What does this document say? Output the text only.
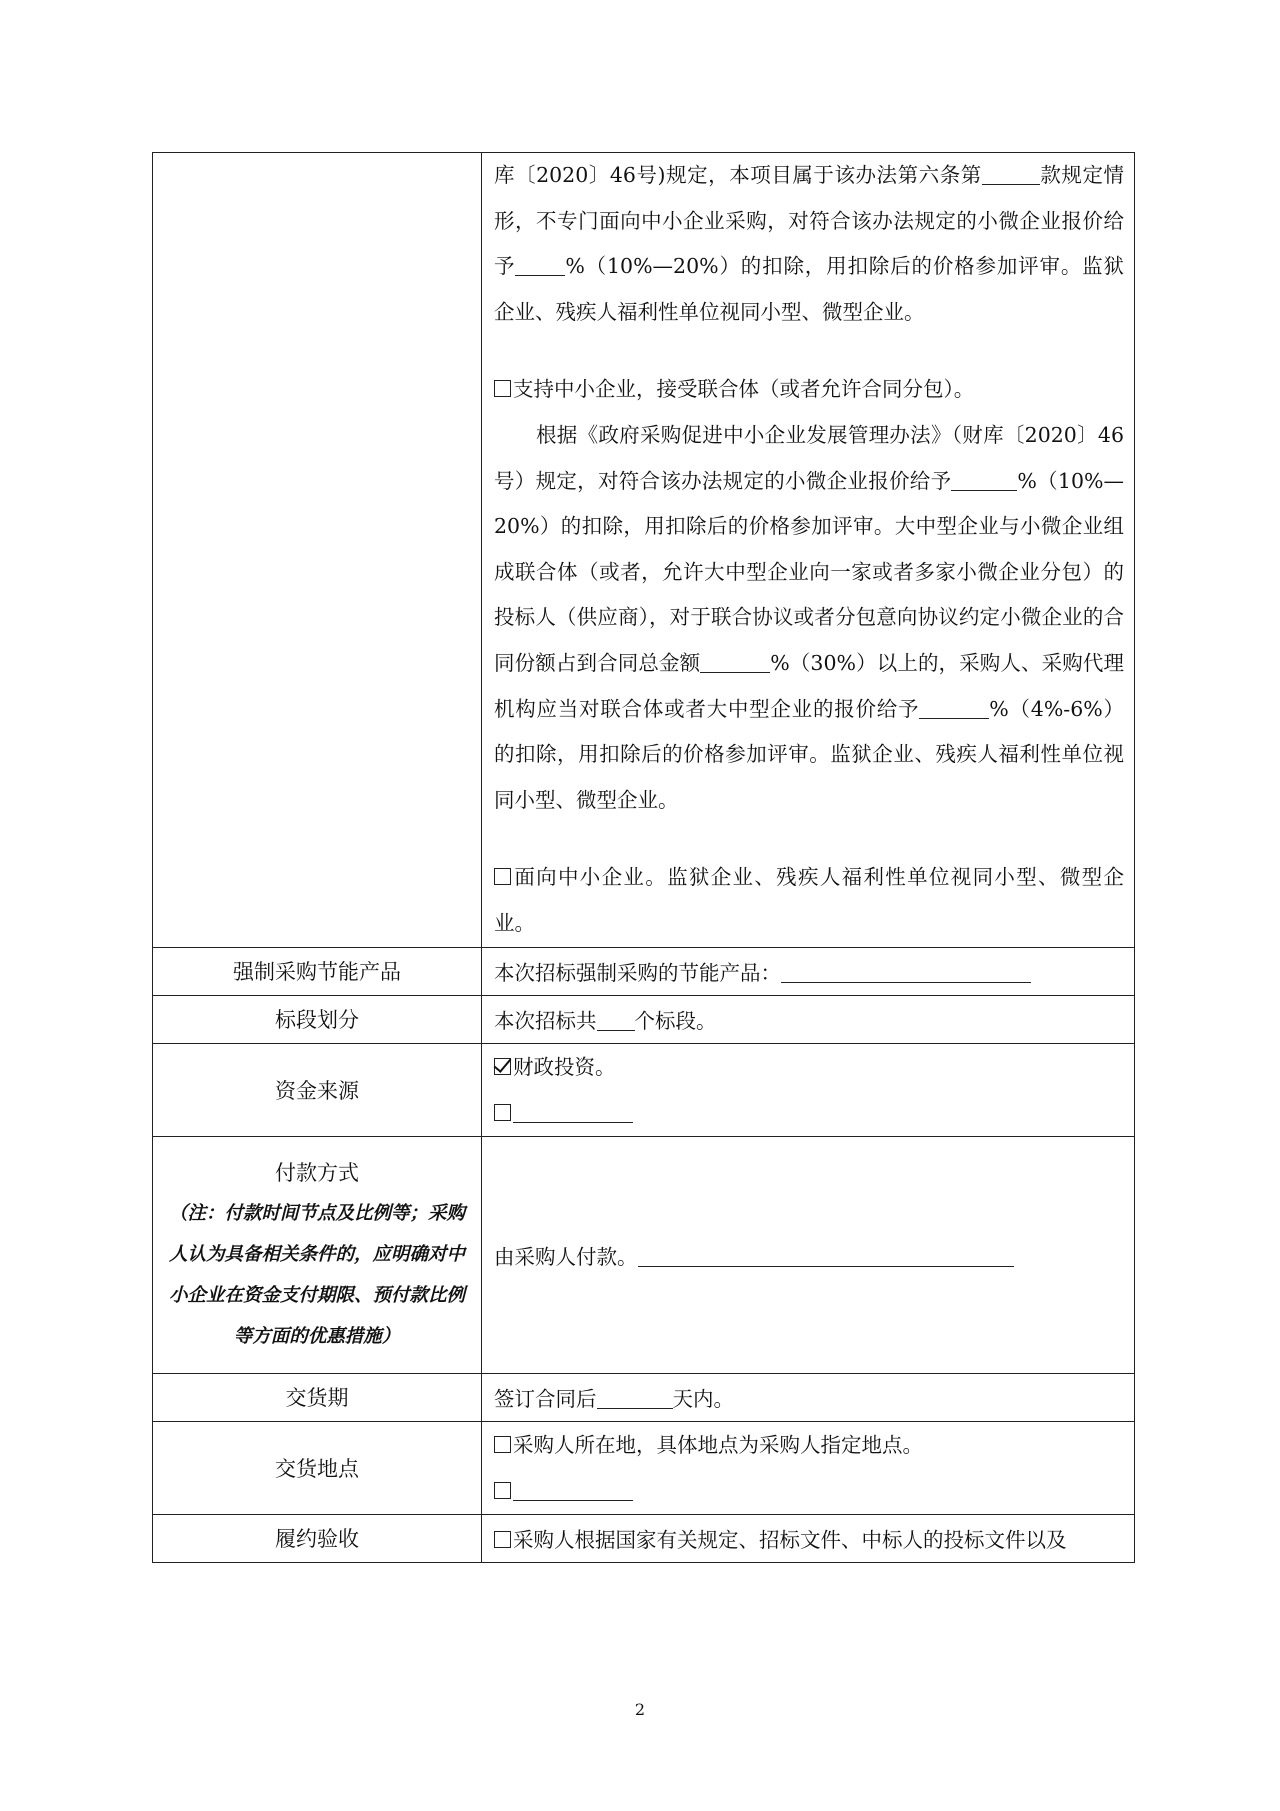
	库〔2020〕46号)规定，本项目属于该办法第六条第 款规定情形，不专门面向中小企业采购，对符合该办法规定的小微企业报价给予 %（10%—20%）的扣除，用扣除后的价格参加评审。监狱企业、残疾人福利性单位视同小型、微型企业。

支持中小企业，接受联合体（或者允许合同分包）。

根据《政府采购促进中小企业发展管理办法》（财库〔2020〕46号）规定，对符合该办法规定的小微企业报价给予 %（10%—20%）的扣除，用扣除后的价格参加评审。大中型企业与小微企业组成联合体（或者，允许大中型企业向一家或者多家小微企业分包）的投标人（供应商），对于联合协议或者分包意向协议约定小微企业的合同份额占到合同总金额 %（30%）以上的，采购人、采购代理机构应当对联合体或者大中型企业的报价给予 %（4%-6%）的扣除，用扣除后的价格参加评审。监狱企业、残疾人福利性单位视同小型、微型企业。

面向中小企业。监狱企业、残疾人福利性单位视同小型、微型企业。

强制采购节能产品	本次招标强制采购的节能产品：
标段划分	本次招标共 个标段。
资金来源	财政投资。

付款方式
（注：付款时间节点及比例等；采购人认为具备相关条件的，应明确对中小企业在资金支付期限、预付款比例等方面的优惠措施）	由采购人付款。
交货期	签订合同后 天内。
交货地点	采购人所在地，具体地点为采购人指定地点。

履约验收	采购人根据国家有关规定、招标文件、中标人的投标文件以及
2
